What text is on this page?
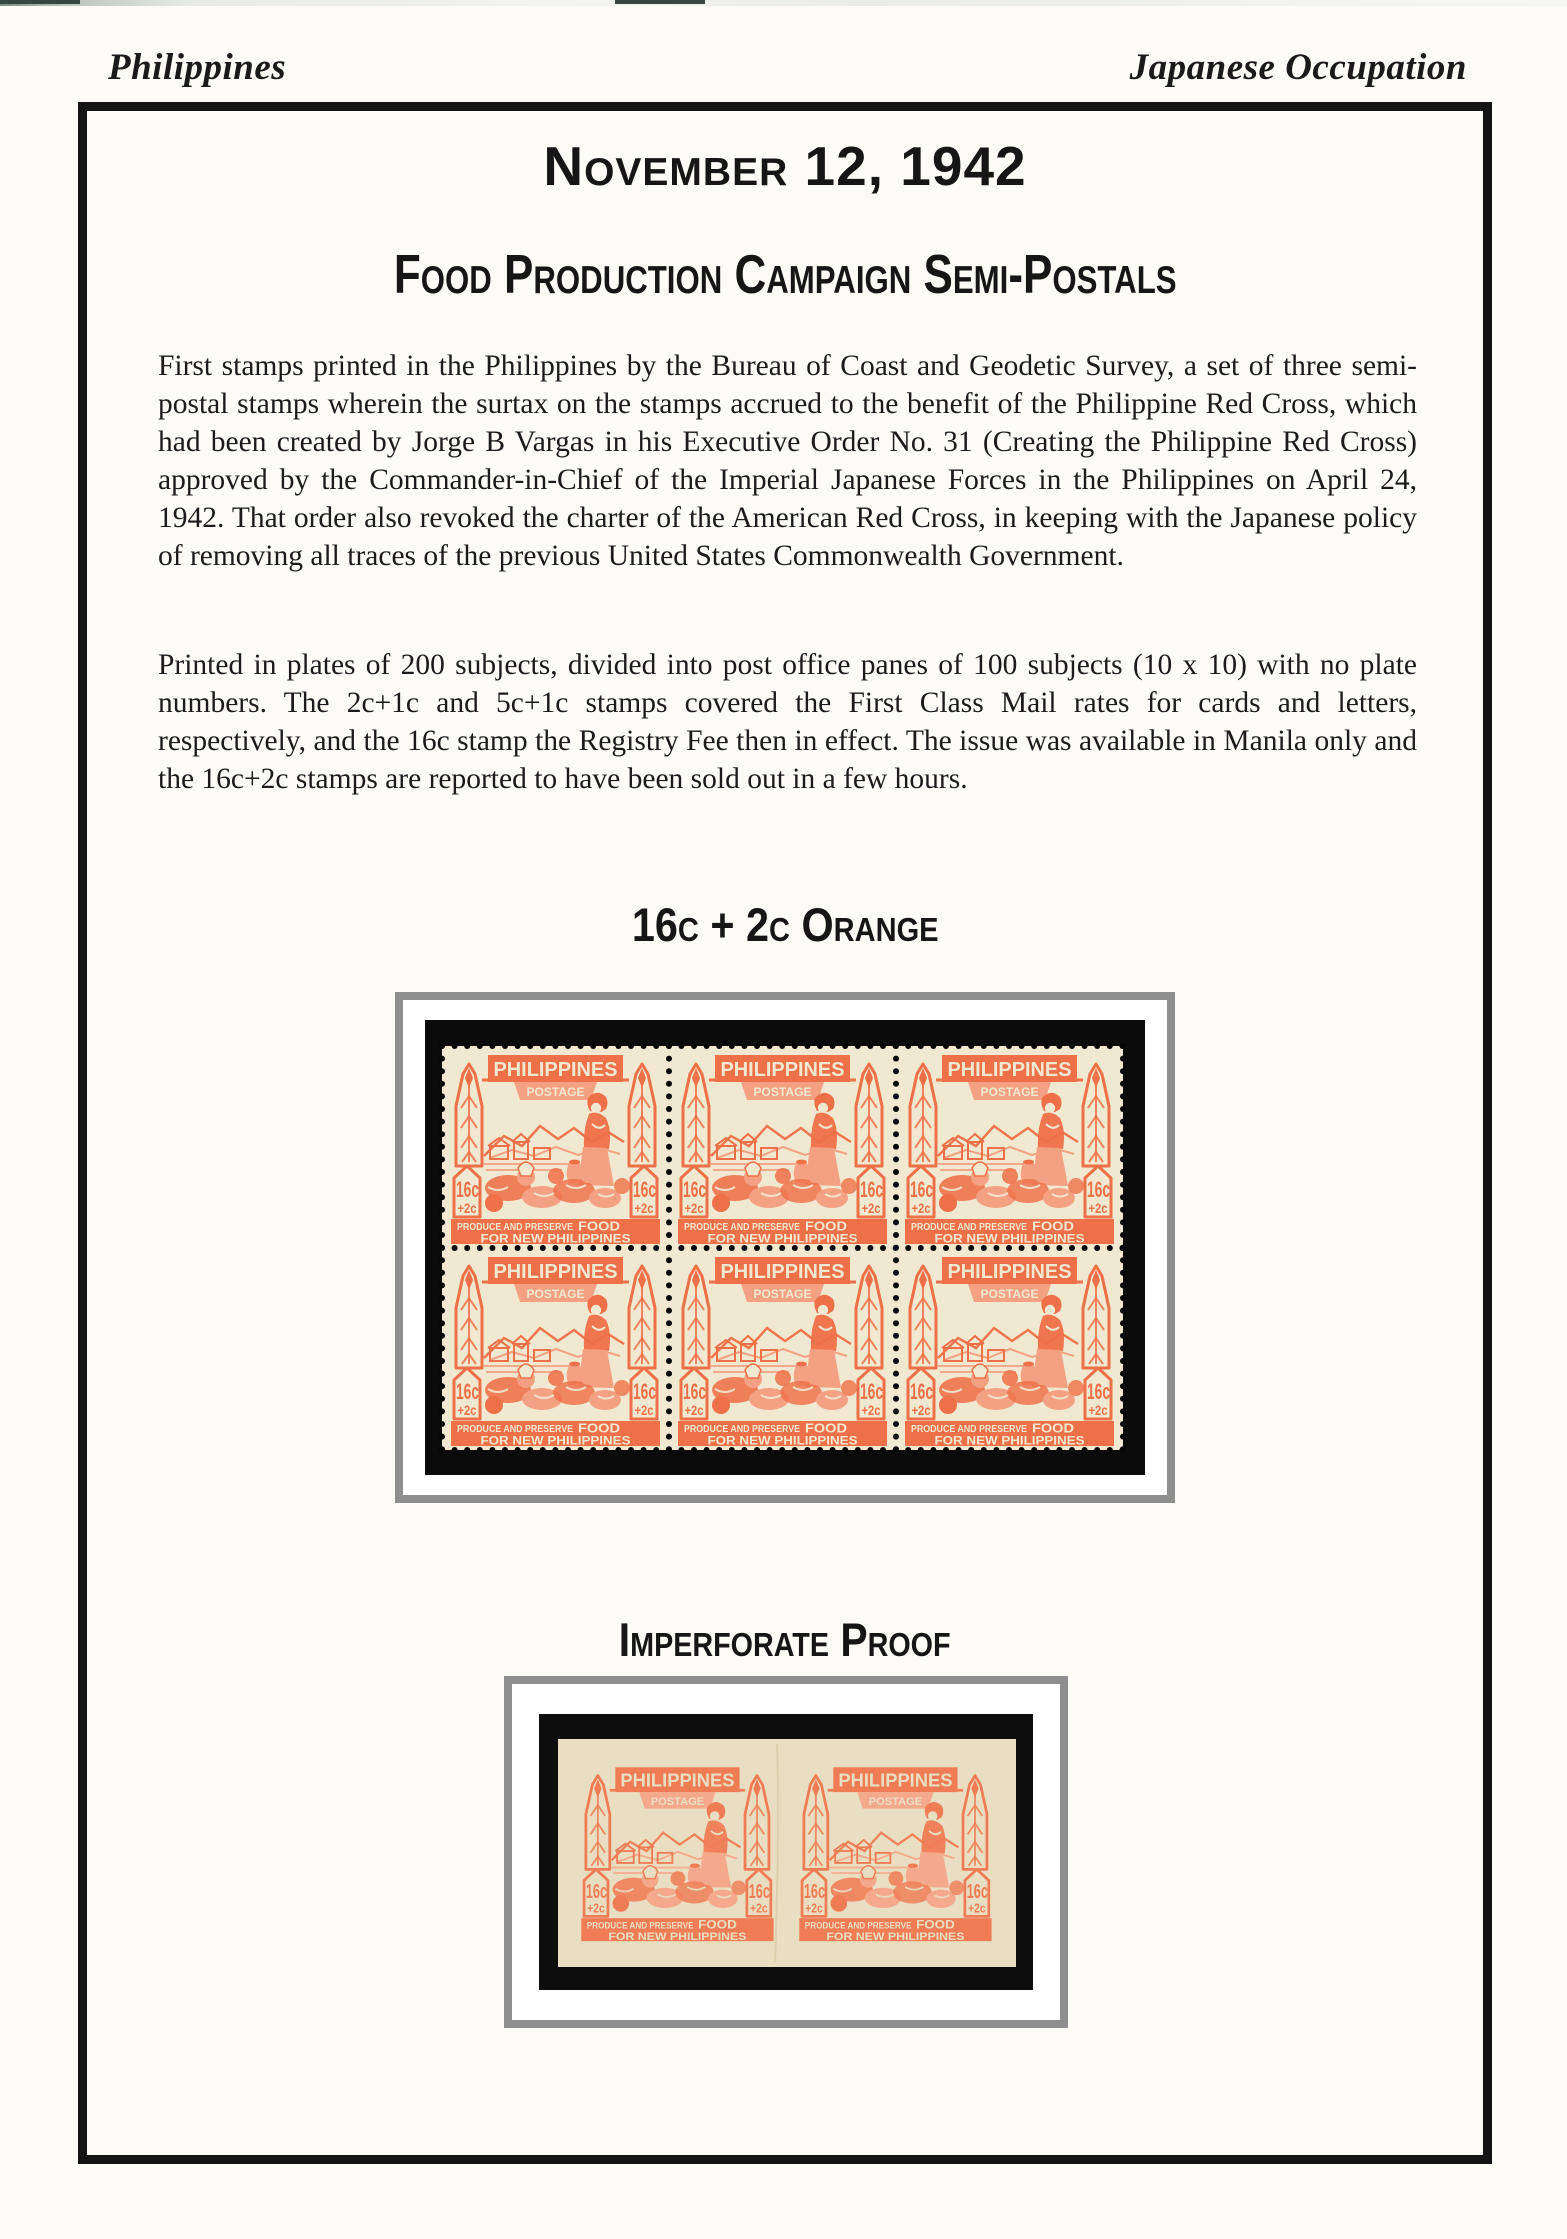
Philippines	Japanese Occupation
November 12, 1942
Food Production Campaign Semi-Postals

First stamps printed in the Philippines by the Bureau of Coast and Geodetic Survey, a set of three semi-postal stamps wherein the surtax on the stamps accrued to the benefit of the Philippine Red Cross, which had been created by Jorge B Vargas in his Executive Order No. 31 (Creating the Philippine Red Cross) approved by the Commander-in-Chief of the Imperial Japanese Forces in the Philippines on April 24, 1942. That order also revoked the charter of the American Red Cross, in keeping with the Japanese policy of removing all traces of the previous United States Commonwealth Government.

Printed in plates of 200 subjects, divided into post office panes of 100 subjects (10 x 10) with no plate numbers. The 2c+1c and 5c+1c stamps covered the First Class Mail rates for cards and letters, respectively, and the 16c stamp the Registry Fee then in effect. The issue was available in Manila only and the 16c+2c stamps are reported to have been sold out in a few hours.

16c + 2c Orange
Imperforate Proof
